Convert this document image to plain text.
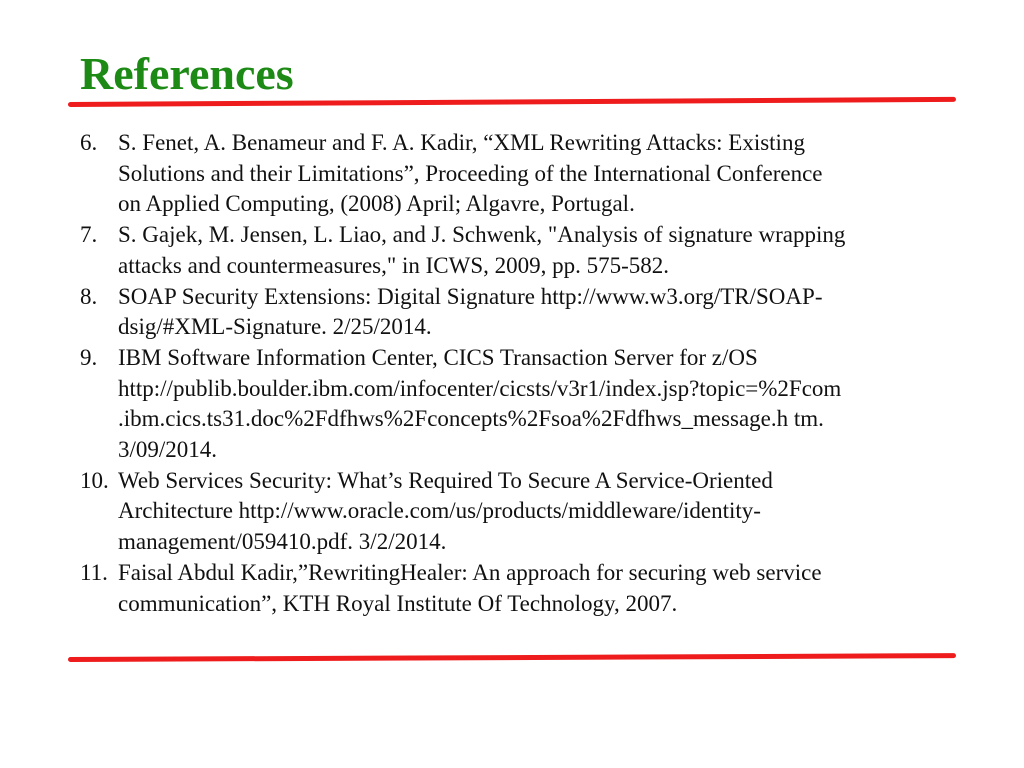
References
6. S. Fenet, A. Benameur and F. A. Kadir, “XML Rewriting Attacks: Existing
Solutions and their Limitations”, Proceeding of the International Conference
on Applied Computing, (2008) April; Algavre, Portugal.
7. S. Gajek, M. Jensen, L. Liao, and J. Schwenk, "Analysis of signature wrapping
attacks and countermeasures," in ICWS, 2009, pp. 575-582.
8. SOAP Security Extensions: Digital Signature http://www.w3.org/TR/SOAP-
dsig/#XML-Signature. 2/25/2014.
9. IBM Software Information Center, CICS Transaction Server for z/OS
http://publib.boulder.ibm.com/infocenter/cicsts/v3r1/index.jsp?topic=%2Fcom
.ibm.cics.ts31.doc%2Fdfhws%2Fconcepts%2Fsoa%2Fdfhws_message.h tm.
3/09/2014.
10. Web Services Security: What’s Required To Secure A Service-Oriented
Architecture http://www.oracle.com/us/products/middleware/identity-
management/059410.pdf. 3/2/2014.
11. Faisal Abdul Kadir,”RewritingHealer: An approach for securing web service
communication”, KTH Royal Institute Of Technology, 2007.
